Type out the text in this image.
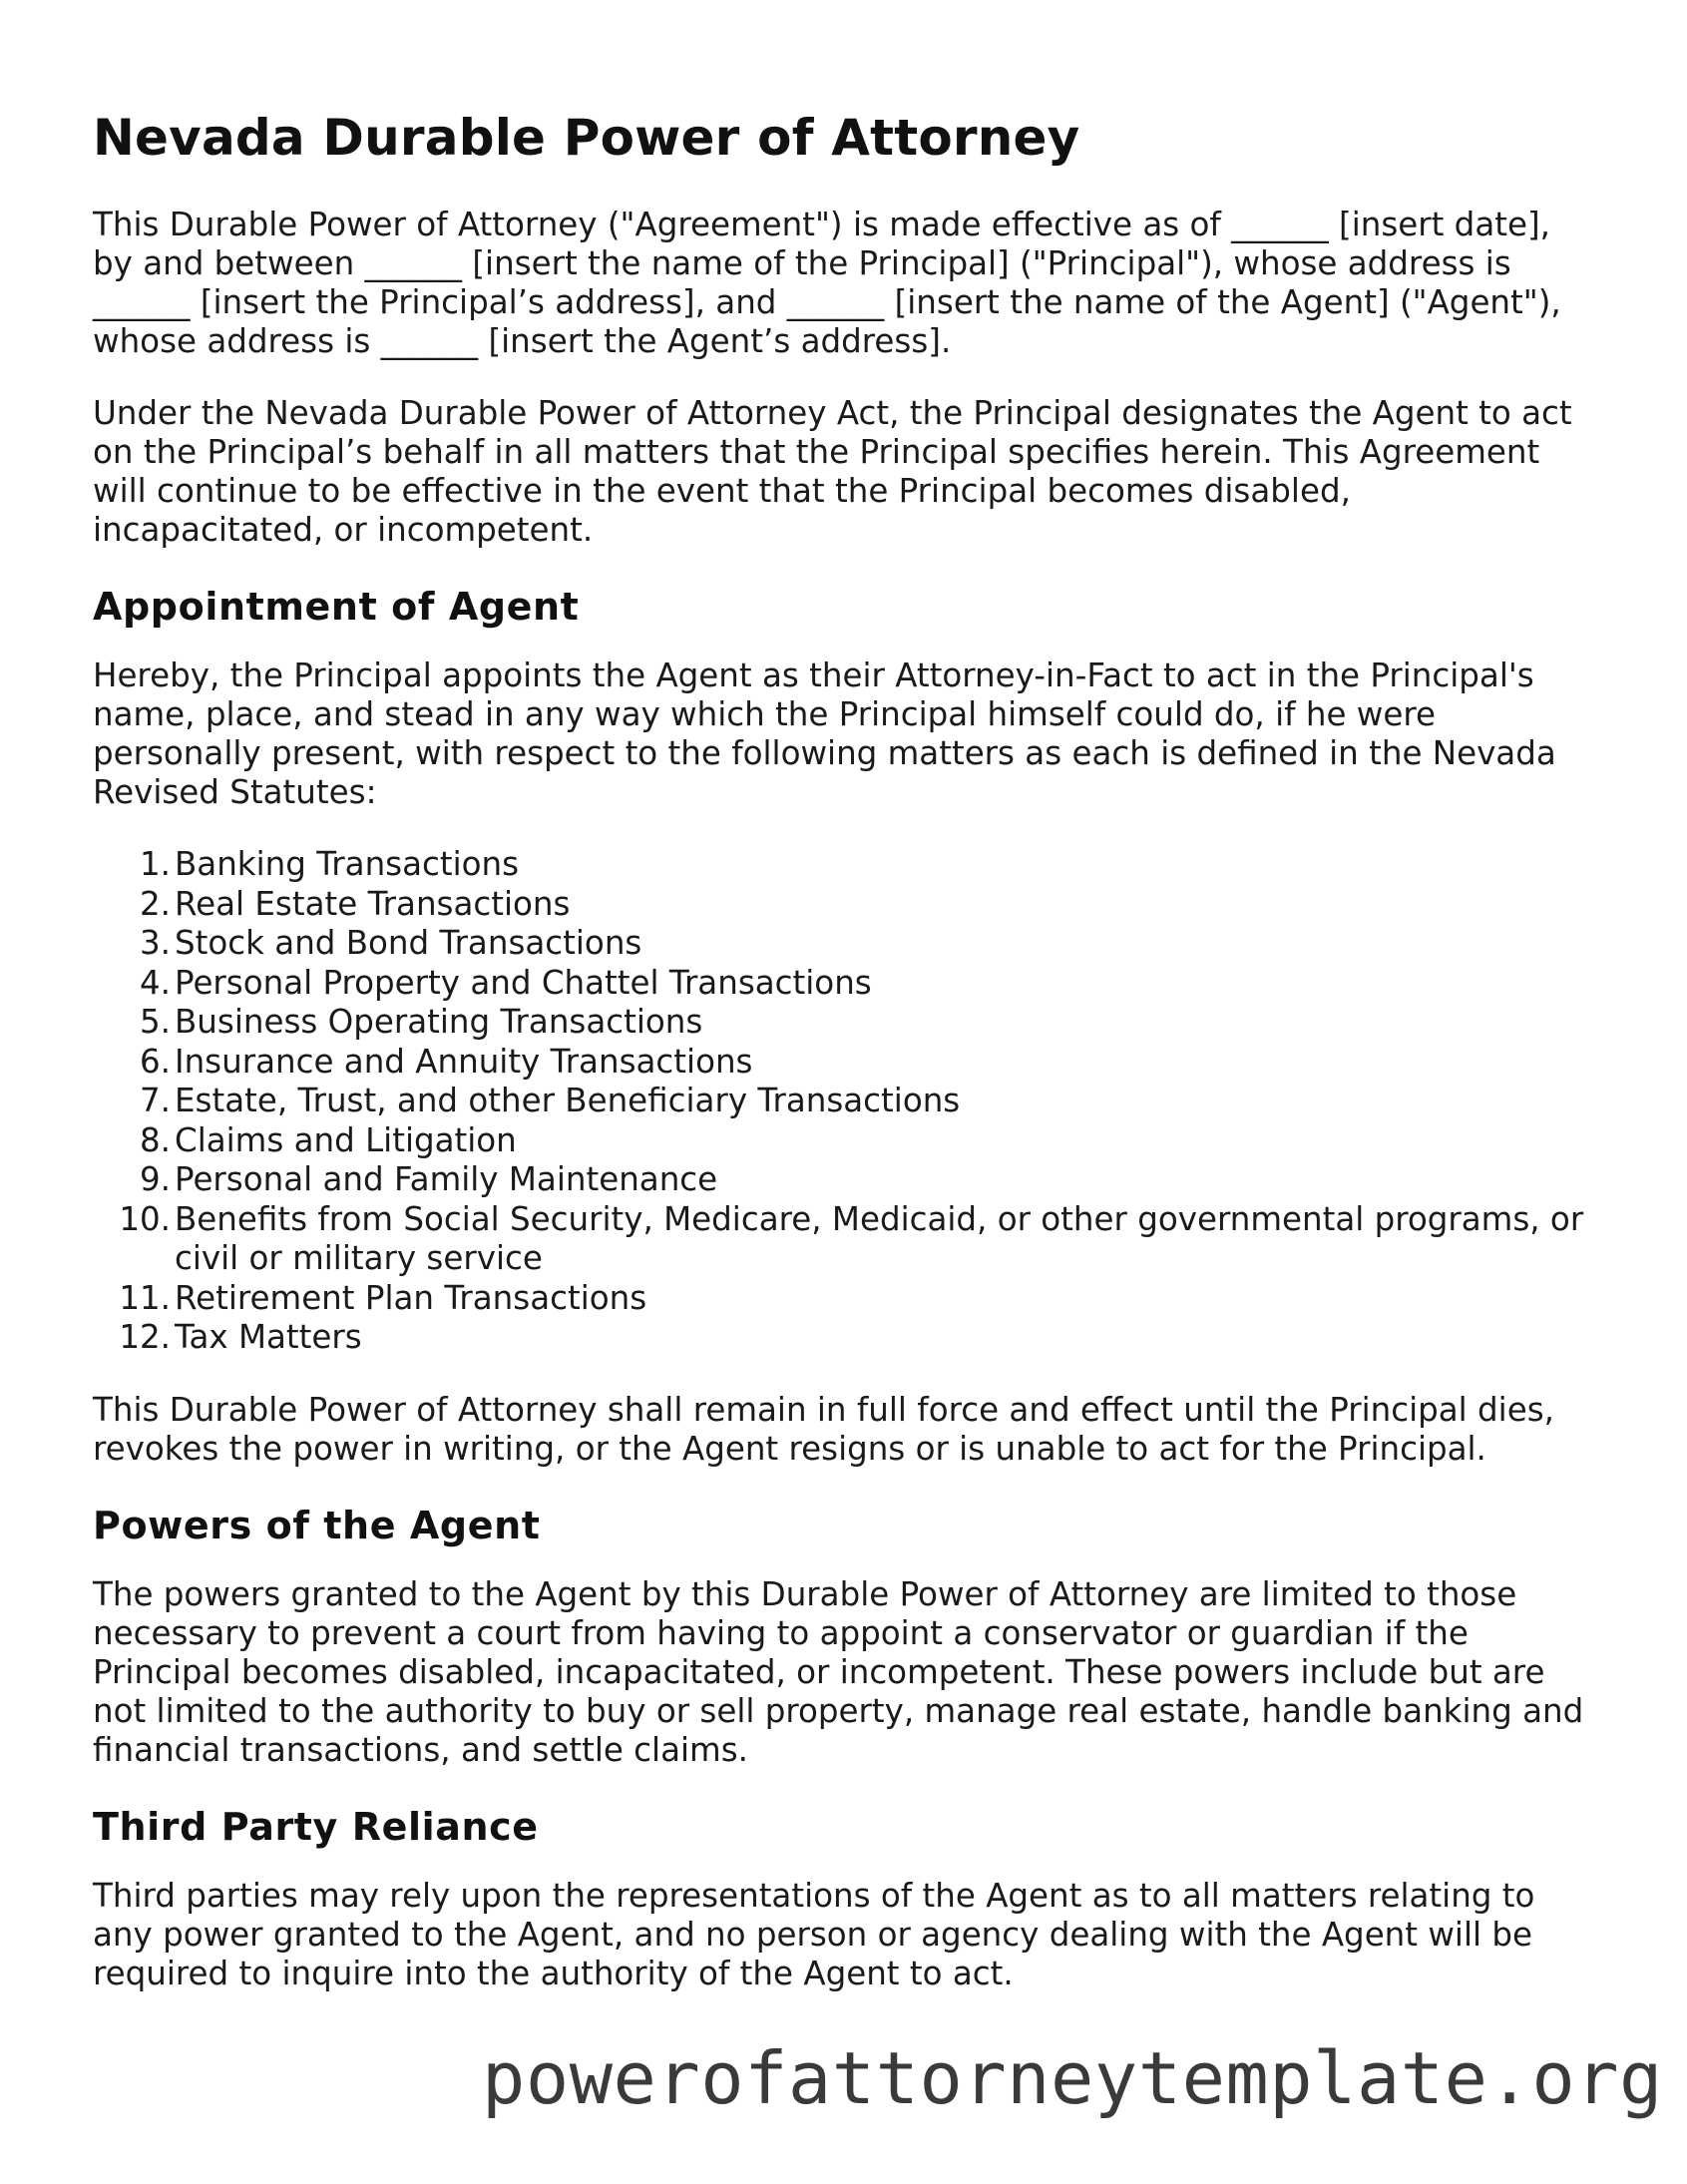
Nevada Durable Power of Attorney

This Durable Power of Attorney ("Agreement") is made effective as of ______ [insert date], by and between ______ [insert the name of the Principal] ("Principal"), whose address is ______ [insert the Principal’s address], and ______ [insert the name of the Agent] ("Agent"), whose address is ______ [insert the Agent’s address].

Under the Nevada Durable Power of Attorney Act, the Principal designates the Agent to act on the Principal’s behalf in all matters that the Principal specifies herein. This Agreement will continue to be effective in the event that the Principal becomes disabled, incapacitated, or incompetent.

Appointment of Agent

Hereby, the Principal appoints the Agent as their Attorney-in-Fact to act in the Principal's name, place, and stead in any way which the Principal himself could do, if he were personally present, with respect to the following matters as each is defined in the Nevada Revised Statutes:

1. Banking Transactions
2. Real Estate Transactions
3. Stock and Bond Transactions
4. Personal Property and Chattel Transactions
5. Business Operating Transactions
6. Insurance and Annuity Transactions
7. Estate, Trust, and other Beneficiary Transactions
8. Claims and Litigation
9. Personal and Family Maintenance
10. Benefits from Social Security, Medicare, Medicaid, or other governmental programs, or civil or military service
11. Retirement Plan Transactions
12. Tax Matters

This Durable Power of Attorney shall remain in full force and effect until the Principal dies, revokes the power in writing, or the Agent resigns or is unable to act for the Principal.

Powers of the Agent

The powers granted to the Agent by this Durable Power of Attorney are limited to those necessary to prevent a court from having to appoint a conservator or guardian if the Principal becomes disabled, incapacitated, or incompetent. These powers include but are not limited to the authority to buy or sell property, manage real estate, handle banking and financial transactions, and settle claims.

Third Party Reliance

Third parties may rely upon the representations of the Agent as to all matters relating to any power granted to the Agent, and no person or agency dealing with the Agent will be required to inquire into the authority of the Agent to act.

powerofattorneytemplate.org
